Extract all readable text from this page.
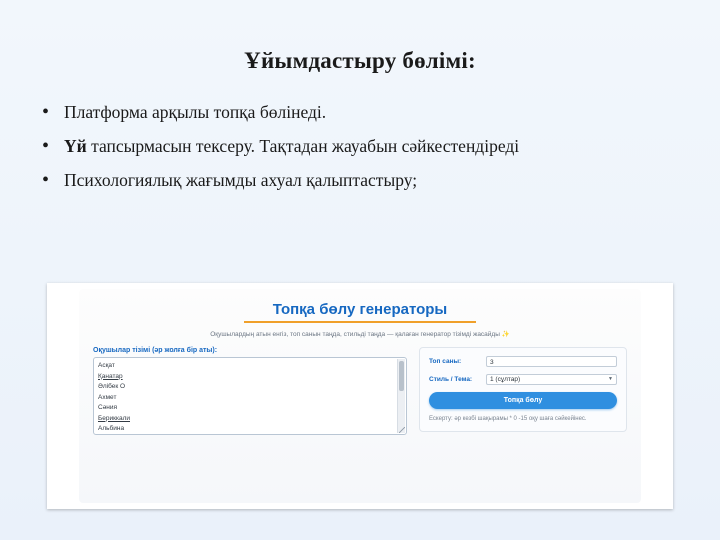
Ұйымдастыру бөлімі:
• Платформа арқылы топқа бөлінеді.
• Үй тапсырмасын тексеру. Тақтадан жауабын сәйкестендіреді
• Психологиялық жағымды ахуал қалыптастыру;
Топқа бөлу генераторы
Оқушылардың атын енгіз, топ санын таңда, стильді таңда — қалаған генератор тізімді жасайды ✨
Оқушылар тізімі (әр жолға бір аты):
Асқат
Қанатар
Әлібек О
Ахмет
Сәния
Бериккали
Альбина
Топ саны:	3
Стиль / Тема:	1 (сұлтар)	▼
Топқа бөлу
Ескерту: әр кезбі шақырамы * 0 -15 оқу шаға сәйкейінес.
